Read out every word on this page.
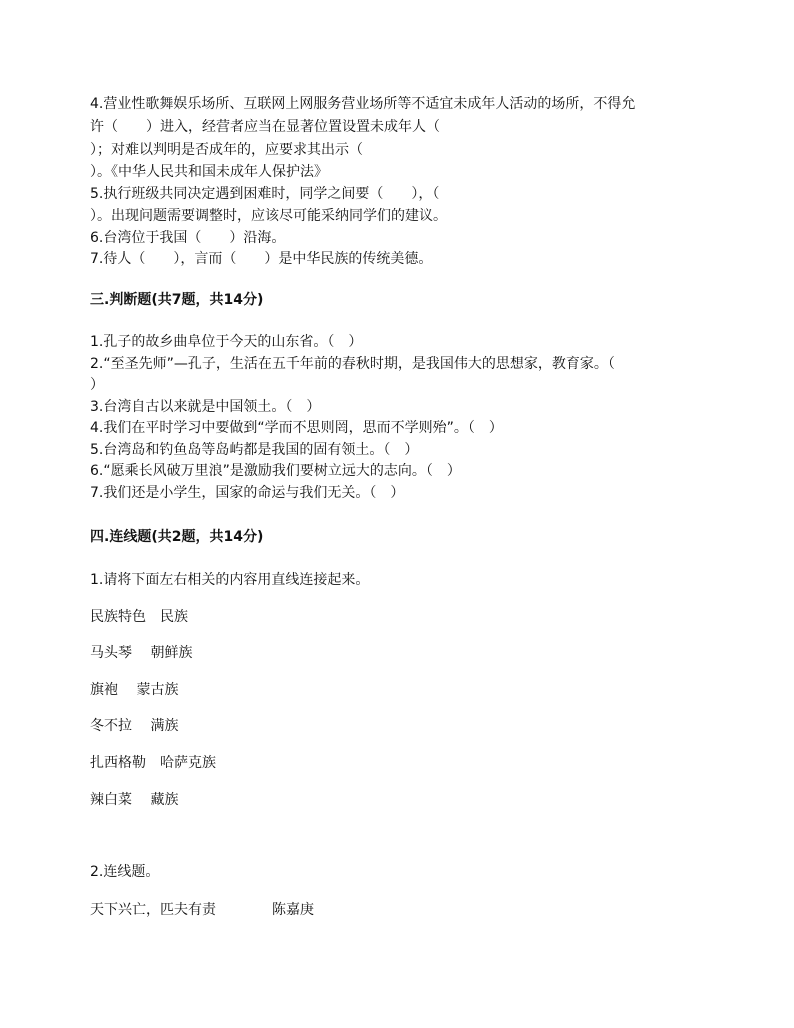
4.营业性歌舞娱乐场所、互联网上网服务营业场所等不适宜未成年人活动的场所，不得允
许（　　）进入，经营者应当在显著位置设置未成年人（
）；对难以判明是否成年的，应要求其出示（
）。《中华人民共和国未成年人保护法》
5.执行班级共同决定遇到困难时，同学之间要（　　），（
）。出现问题需要调整时，应该尽可能采纳同学们的建议。
6.台湾位于我国（　　）沿海。
7.待人（　　），言而（　　）是中华民族的传统美德。
三.判断题(共7题，共14分)
1.孔子的故乡曲阜位于今天的山东省。（　）
2.“至圣先师”—孔子，生活在五千年前的春秋时期，是我国伟大的思想家，教育家。（
）
3.台湾自古以来就是中国领土。（　）
4.我们在平时学习中要做到“学而不思则罔，思而不学则殆”。（　）
5.台湾岛和钓鱼岛等岛屿都是我国的固有领土。（　）
6.“愿乘长风破万里浪”是激励我们要树立远大的志向。（　）
7.我们还是小学生，国家的命运与我们无关。（　）
四.连线题(共2题，共14分)
1.请将下面左右相关的内容用直线连接起来。
民族特色　民族
马头琴　 朝鲜族
旗袍　 蒙古族
冬不拉　 满族
扎西格勒　哈萨克族
辣白菜　 藏族
2.连线题。
天下兴亡，匹夫有责　　　　陈嘉庚
